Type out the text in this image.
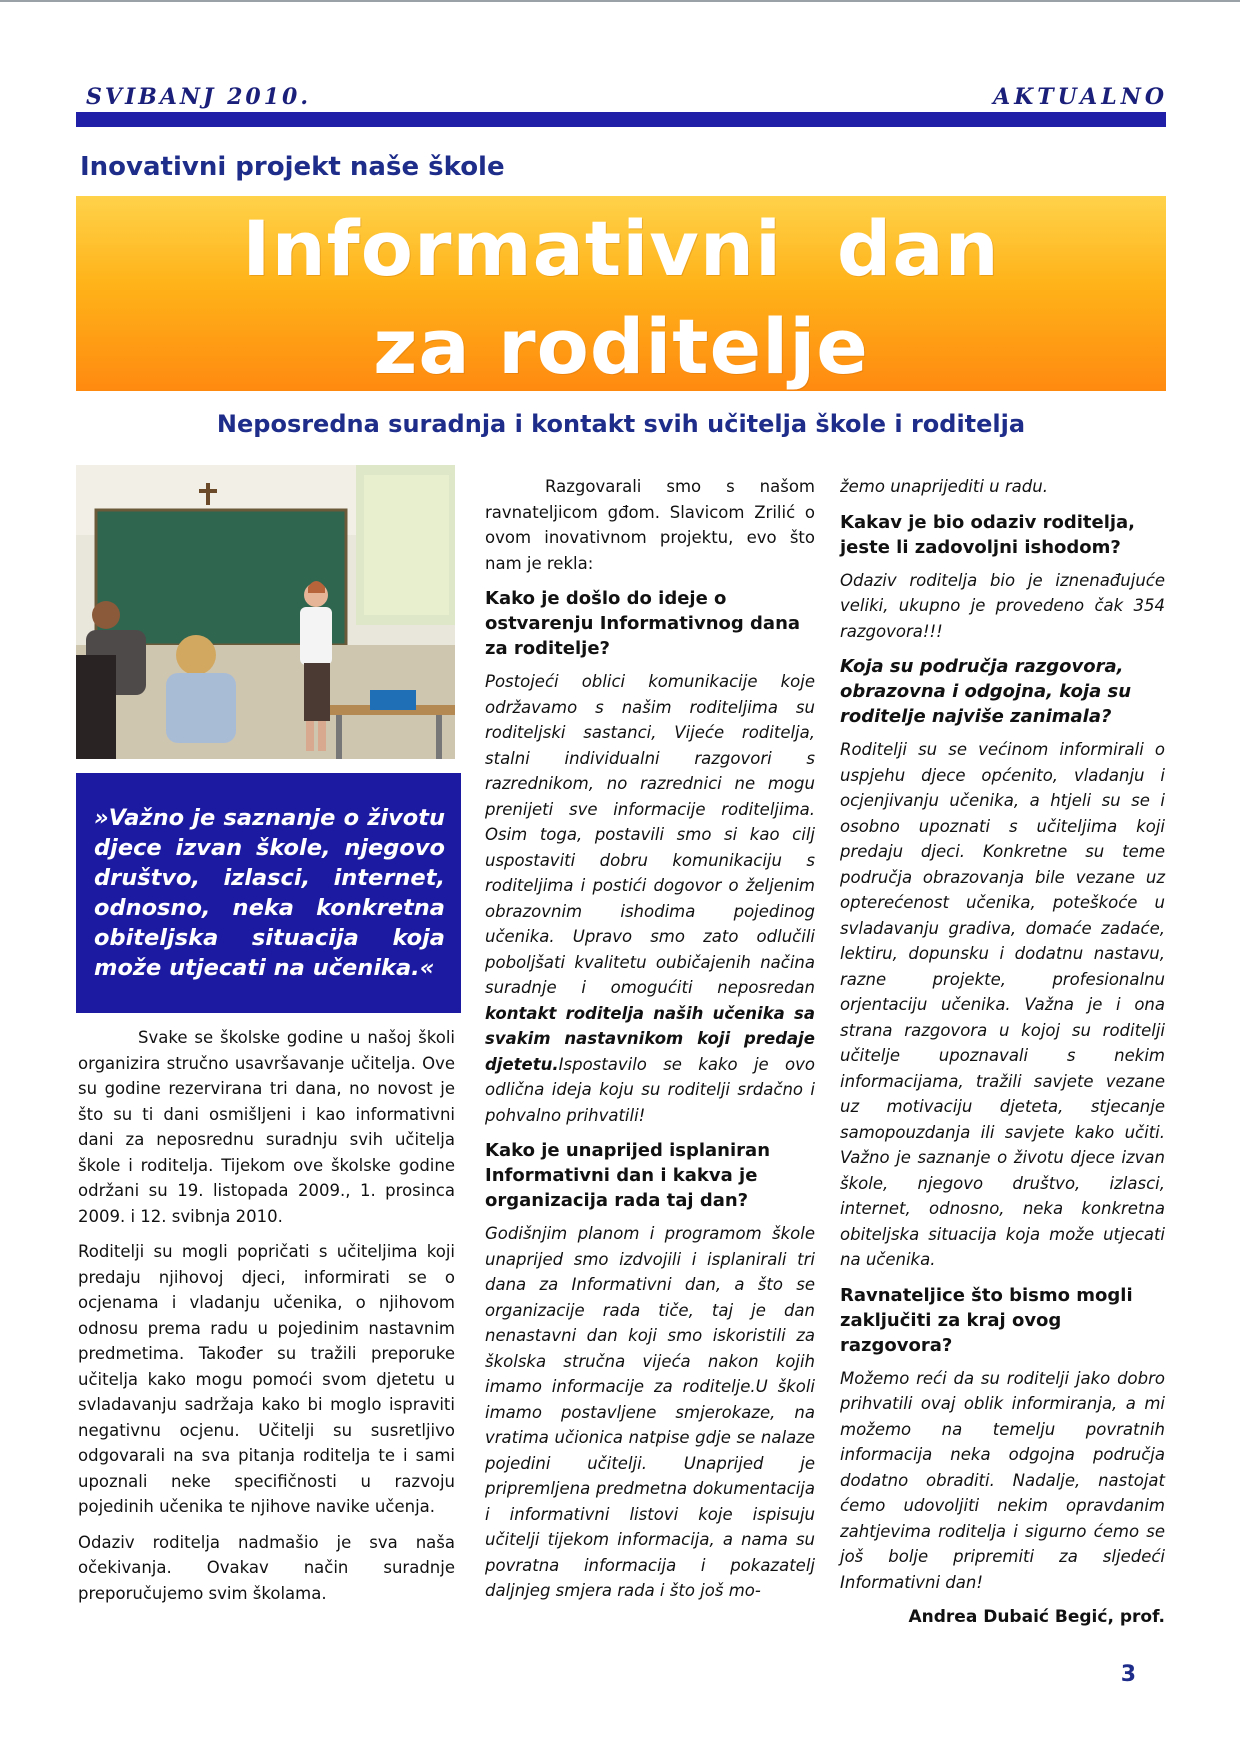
SVIBANJ 2010.	AKTUALNO
Inovativni projekt naše škole
Informativni  dan
za roditelje
Neposredna suradnja i kontakt svih učitelja škole i roditelja
»Važno je saznanje o životu djece izvan škole, njegovo društvo, izlasci, internet, odnosno, neka konkretna obiteljska situacija koja može utjecati na učenika.«

Svake se školske godine u našoj školi organizira stručno usavršavanje učitelja. Ove su godine rezervirana tri dana, no novost je što su ti dani osmišljeni i kao informativni dani za neposrednu suradnju svih učitelja škole i roditelja. Tijekom ove školske godine održani su 19. listopada 2009., 1. prosinca 2009. i 12. svibnja 2010.

Roditelji su mogli popričati s učiteljima koji predaju njihovoj djeci, informirati se o ocjenama i vladanju učenika, o njihovom odnosu prema radu u pojedinim nastavnim predmetima. Također su tražili preporuke učitelja kako mogu pomoći svom djetetu u svladavanju sadržaja kako bi moglo ispraviti negativnu ocjenu. Učitelji su susretljivo odgovarali na sva pitanja roditelja te i sami upoznali neke specifičnosti u razvoju pojedinih učenika te njihove navike učenja.

Odaziv roditelja nadmašio je sva naša očekivanja. Ovakav način suradnje preporučujemo svim školama.

Razgovarali smo s našom ravnateljicom gđom. Slavicom Zrilić o ovom inovativnom projektu, evo što nam je rekla:

Kako je došlo do ideje o ostvarenju Informativnog dana za roditelje?

Postojeći oblici komunikacije koje održavamo s našim roditeljima su roditeljski sastanci, Vijeće roditelja, stalni individualni razgovori s razrednikom, no razrednici ne mogu prenijeti sve informacije roditeljima. Osim toga, postavili smo si kao cilj uspostaviti dobru komunikaciju s roditeljima i postići dogovor o željenim obrazovnim ishodima pojedinog učenika. Upravo smo zato odlučili poboljšati kvalitetu oubičajenih načina suradnje i omogućiti neposredan kontakt roditelja naših učenika sa svakim nastavnikom koji predaje djetetu.Ispostavilo se kako je ovo odlična ideja koju su roditelji srdačno i pohvalno prihvatili!

Kako je unaprijed isplaniran Informativni dan i kakva je organizacija rada taj dan?

Godišnjim planom i programom škole unaprijed smo izdvojili i isplanirali tri dana za Informativni dan, a što se organizacije rada tiče, taj je dan nenastavni dan koji smo iskoristili za školska stručna vijeća nakon kojih imamo informacije za roditelje.U školi imamo postavljene smjerokaze, na vratima učionica natpise gdje se nalaze pojedini učitelji. Unaprijed je pripremljena predmetna dokumentacija i informativni listovi koje ispisuju učitelji tijekom informacija, a nama su povratna informacija i pokazatelj daljnjeg smjera rada i što još mo-

žemo unaprijediti u radu.

Kakav je bio odaziv roditelja, jeste li zadovoljni ishodom?

Odaziv roditelja bio je iznenađujuće veliki, ukupno je provedeno čak 354 razgovora!!!

Koja su područja razgovora, obrazovna i odgojna, koja su roditelje najviše zanimala?

Roditelji su se većinom informirali o uspjehu djece općenito, vladanju i ocjenjivanju učenika, a htjeli su se i osobno upoznati s učiteljima koji predaju djeci. Konkretne su teme područja obrazovanja bile vezane uz opterećenost učenika, poteškoće u svladavanju gradiva, domaće zadaće, lektiru, dopunsku i dodatnu nastavu, razne projekte, profesionalnu orjentaciju učenika. Važna je i ona strana razgovora u kojoj su roditelji učitelje upoznavali s nekim informacijama, tražili savjete vezane uz motivaciju djeteta, stjecanje samopouzdanja ili savjete kako učiti. Važno je saznanje o životu djece izvan škole, njegovo društvo, izlasci, internet, odnosno, neka konkretna obiteljska situacija koja može utjecati na učenika.

Ravnateljice što bismo mogli zaključiti za kraj ovog razgovora?

Možemo reći da su roditelji jako dobro prihvatili ovaj oblik informiranja, a mi možemo na temelju povratnih informacija neka odgojna područja dodatno obraditi. Nadalje, nastojat ćemo udovoljiti nekim opravdanim zahtjevima roditelja i sigurno ćemo se još bolje pripremiti za sljedeći Informativni dan!

Andrea Dubaić Begić, prof.

3
